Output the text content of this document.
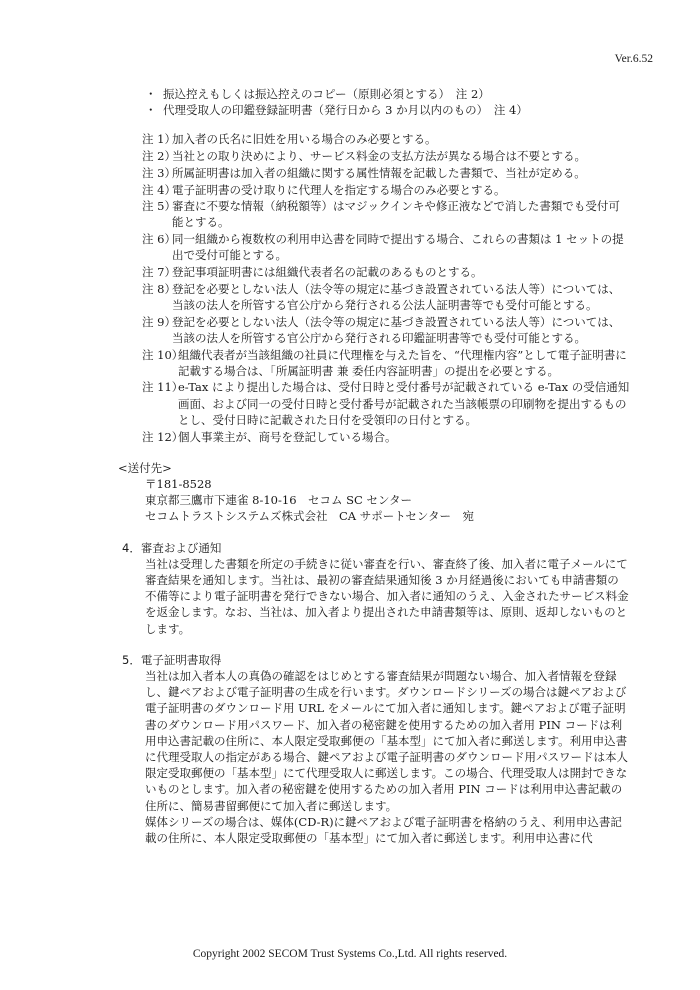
Ver.6.52

・ 振込控えもしくは振込控えのコピー（原則必須とする）　注 2）

・ 代理受取人の印鑑登録証明書（発行日から 3 か月以内のもの）　注 4）

注 1）
加入者の氏名に旧姓を用いる場合のみ必要とする。

注 2）
当社との取り決めにより、サービス料金の支払方法が異なる場合は不要とする。

注 3）
所属証明書は加入者の組織に関する属性情報を記載した書類で、当社が定める。

注 4）
電子証明書の受け取りに代理人を指定する場合のみ必要とする。

注 5）
審査に不要な情報（納税額等）はマジックインキや修正液などで消した書類でも受付可能とする。

注 6）
同一組織から複数枚の利用申込書を同時で提出する場合、これらの書類は 1 セットの提出で受付可能とする。

注 7）
登記事項証明書には組織代表者名の記載のあるものとする。

注 8）
登記を必要としない法人（法令等の規定に基づき設置されている法人等）については、当該の法人を所管する官公庁から発行される公法人証明書等でも受付可能とする。

注 9）
登記を必要としない法人（法令等の規定に基づき設置されている法人等）については、当該の法人を所管する官公庁から発行される印鑑証明書等でも受付可能とする。

注 10）
組織代表者が当該組織の社員に代理権を与えた旨を、“代理権内容”として電子証明書に記載する場合は、「所属証明書 兼 委任内容証明書」の提出を必要とする。

注 11）
e-Tax により提出した場合は、受付日時と受付番号が記載されている e-Tax の受信通知画面、および同一の受付日時と受付番号が記載された当該帳票の印刷物を提出するものとし、受付日時に記載された日付を受領印の日付とする。

注 12）
個人事業主が、商号を登記している場合。

<送付先>

〒181-8528

東京都三鷹市下連雀 8-10-16　セコム SC センター

セコムトラストシステムズ株式会社　CA サポートセンター　宛

4．審査および通知

当社は受理した書類を所定の手続きに従い審査を行い、審査終了後、加入者に電子メールにて審査結果を通知します。当社は、最初の審査結果通知後 3 か月経過後においても申請書類の不備等により電子証明書を発行できない場合、加入者に通知のうえ、入金されたサービス料金を返金します。なお、当社は、加入者より提出された申請書類等は、原則、返却しないものとします。

5．電子証明書取得

当社は加入者本人の真偽の確認をはじめとする審査結果が問題ない場合、加入者情報を登録し、鍵ペアおよび電子証明書の生成を行います。ダウンロードシリーズの場合は鍵ペアおよび電子証明書のダウンロード用 URL をメールにて加入者に通知します。鍵ペアおよび電子証明書のダウンロード用パスワード、加入者の秘密鍵を使用するための加入者用 PIN コードは利用申込書記載の住所に、本人限定受取郵便の「基本型」にて加入者に郵送します。利用申込書に代理受取人の指定がある場合、鍵ペアおよび電子証明書のダウンロード用パスワードは本人限定受取郵便の「基本型」にて代理受取人に郵送します。この場合、代理受取人は開封できないものとします。加入者の秘密鍵を使用するための加入者用 PIN コードは利用申込書記載の住所に、簡易書留郵便にて加入者に郵送します。

媒体シリーズの場合は、媒体(CD-R)に鍵ペアおよび電子証明書を格納のうえ、利用申込書記載の住所に、本人限定受取郵便の「基本型」にて加入者に郵送します。利用申込書に代

Copyright 2002 SECOM Trust Systems Co.,Ltd. All rights reserved.
